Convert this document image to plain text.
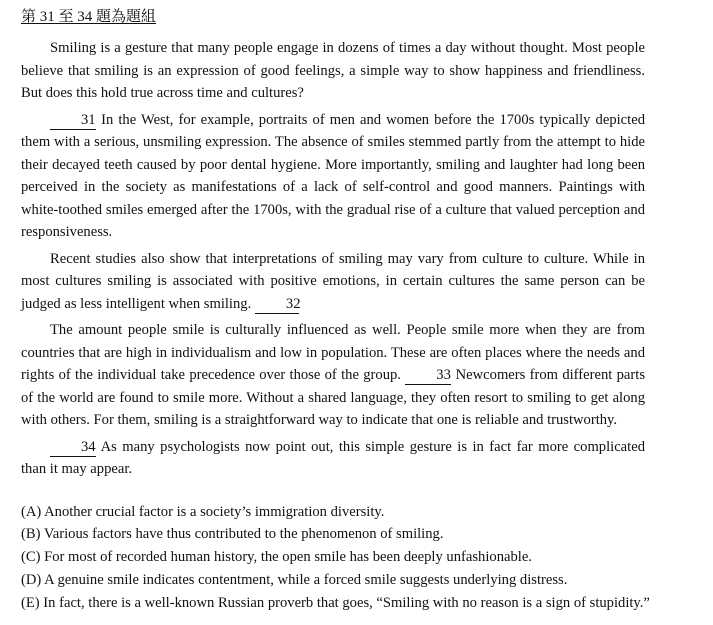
第 31 至 34 題為題組

Smiling is a gesture that many people engage in dozens of times a day without thought. Most people believe that smiling is an expression of good feelings, a simple way to show happiness and friendliness. But does this hold true across time and cultures?

31 In the West, for example, portraits of men and women before the 1700s typically depicted them with a serious, unsmiling expression. The absence of smiles stemmed partly from the attempt to hide their decayed teeth caused by poor dental hygiene. More importantly, smiling and laughter had long been perceived in the society as manifestations of a lack of self-control and good manners. Paintings with white-toothed smiles emerged after the 1700s, with the gradual rise of a culture that valued perception and responsiveness.

Recent studies also show that interpretations of smiling may vary from culture to culture. While in most cultures smiling is associated with positive emotions, in certain cultures the same person can be judged as less intelligent when smiling. 32

The amount people smile is culturally influenced as well. People smile more when they are from countries that are high in individualism and low in population. These are often places where the needs and rights of the individual take precedence over those of the group. 33 Newcomers from different parts of the world are found to smile more. Without a shared language, they often resort to smiling to get along with others. For them, smiling is a straightforward way to indicate that one is reliable and trustworthy.

34 As many psychologists now point out, this simple gesture is in fact far more complicated than it may appear.

(A) Another crucial factor is a society’s immigration diversity.
(B) Various factors have thus contributed to the phenomenon of smiling.
(C) For most of recorded human history, the open smile has been deeply unfashionable.
(D) A genuine smile indicates contentment, while a forced smile suggests underlying distress.
(E) In fact, there is a well-known Russian proverb that goes, “Smiling with no reason is a sign of stupidity.”
